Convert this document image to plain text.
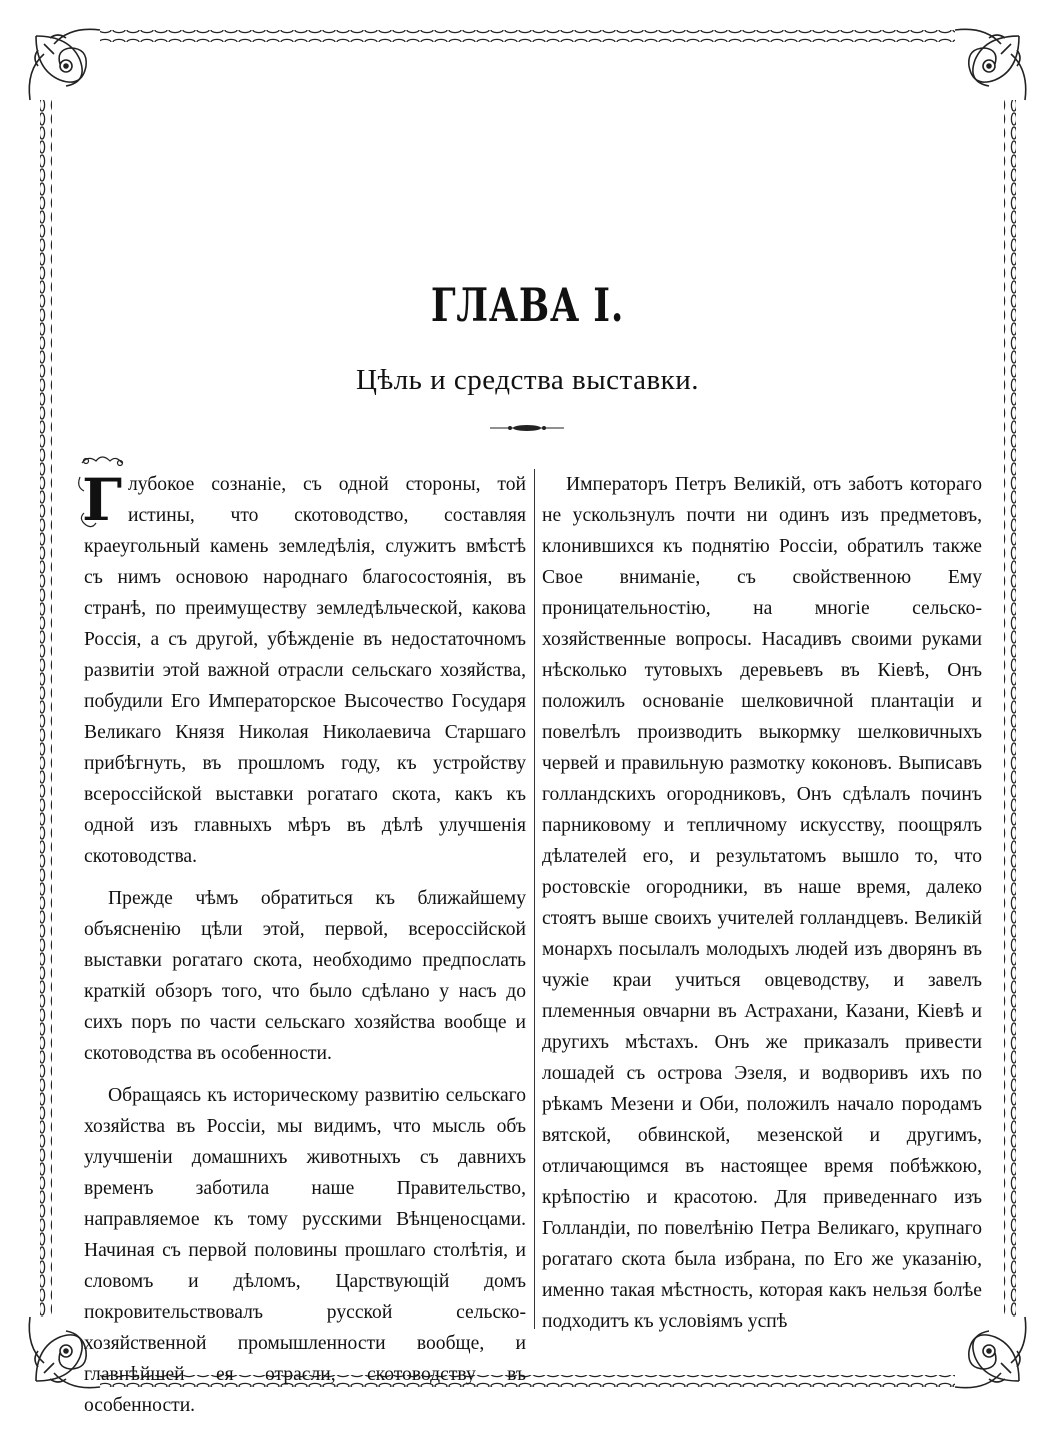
ГЛАВА I.
Цѣль и средства выставки.

Г лубокое сознаніе, съ одной стороны, той истины, что скотоводство, составляя краеугольный камень земледѣлія, служитъ вмѣстѣ съ нимъ основою народнаго благосостоянія, въ странѣ, по преимуществу земледѣльческой, какова Россія, а съ другой, убѣжденіе въ недостаточномъ развитіи этой важной отрасли сельскаго хозяйства, побудили Его Императорское Высочество Государя Великаго Князя Николая Николаевича Старшаго прибѣгнуть, въ прошломъ году, къ устройству всероссійской выставки рогатаго скота, какъ къ одной изъ главныхъ мѣръ въ дѣлѣ улучшенія скотоводства.

Прежде чѣмъ обратиться къ ближайшему объясненію цѣли этой, первой, всероссійской выставки рогатаго скота, необходимо предпослать краткій обзоръ того, что было сдѣлано у насъ до сихъ поръ по части сельскаго хозяйства вообще и скотоводства въ особенности.

Обращаясь къ историческому развитію сельскаго хозяйства въ Россіи, мы видимъ, что мысль объ улучшеніи домашнихъ животныхъ съ давнихъ временъ заботила наше Правительство, направляемое къ тому русскими Вѣнценосцами. Начиная съ первой половины прошлаго столѣтія, и словомъ и дѣломъ, Царствующій домъ покровительствовалъ русской сельско-хозяйственной промышленности вообще, и главнѣйшей ея отрасли, скотоводству въ особенности.

Императоръ Петръ Великій, отъ заботъ котораго не ускользнулъ почти ни одинъ изъ предметовъ, клонившихся къ поднятію Россіи, обратилъ также Свое вниманіе, съ свойственною Ему проницательностію, на многіе сельско-хозяйственные вопросы. Насадивъ своими руками нѣсколько тутовыхъ деревьевъ въ Кіевѣ, Онъ положилъ основаніе шелковичной плантаціи и повелѣлъ производить выкормку шелковичныхъ червей и правильную размотку коконовъ. Выписавъ голландскихъ огородниковъ, Онъ сдѣлалъ починъ парниковому и тепличному искусству, поощрялъ дѣлателей его, и результатомъ вышло то, что ростовскіе огородники, въ наше время, далеко стоятъ выше своихъ учителей голландцевъ. Великій монархъ посылалъ молодыхъ людей изъ дворянъ въ чужіе краи учиться овцеводству, и завелъ племенныя овчарни въ Астрахани, Казани, Кіевѣ и другихъ мѣстахъ. Онъ же приказалъ привести лошадей съ острова Эзеля, и водворивъ ихъ по рѣкамъ Мезени и Оби, положилъ начало породамъ вятской, обвинской, мезенской и другимъ, отличающимся въ настоящее время побѣжкою, крѣпостію и красотою. Для приведеннаго изъ Голландіи, по повелѣнію Петра Великаго, крупнаго рогатаго скота была избрана, по Его же указанію, именно такая мѣстность, которая какъ нельзя болѣе подходитъ къ условіямъ успѣ
